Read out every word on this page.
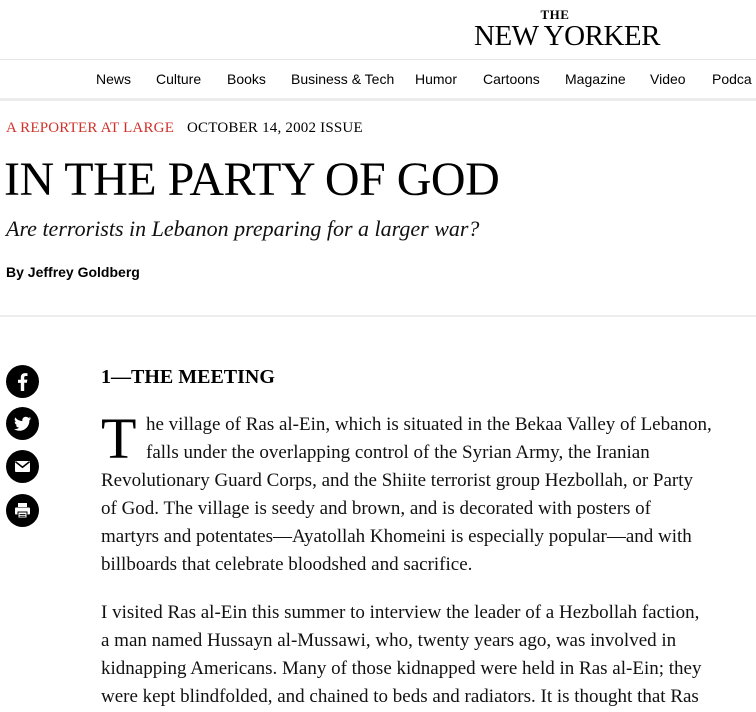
THE
NEW YORKER
News Culture Books Business & Tech Humor Cartoons Magazine Video Podca
A REPORTER AT LARGE OCTOBER 14, 2002 ISSUE
IN THE PARTY OF GOD

Are terrorists in Lebanon preparing for a larger war?

By Jeffrey Goldberg

1—THE MEETING
T he village of Ras al-Ein, which is situated in the Bekaa Valley of Lebanon,
falls under the overlapping control of the Syrian Army, the Iranian
Revolutionary Guard Corps, and the Shiite terrorist group Hezbollah, or Party
of God. The village is seedy and brown, and is decorated with posters of
martyrs and potentates—Ayatollah Khomeini is especially popular—and with
billboards that celebrate bloodshed and sacrifice.
I visited Ras al-Ein this summer to interview the leader of a Hezbollah faction,
a man named Hussayn al-Mussawi, who, twenty years ago, was involved in
kidnapping Americans. Many of those kidnapped were held in Ras al-Ein; they
were kept blindfolded, and chained to beds and radiators. It is thought that Ras
